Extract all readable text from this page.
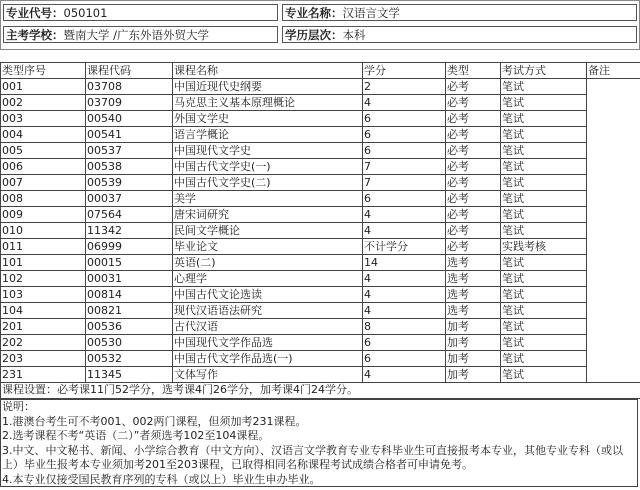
专业代号：050101	专业名称：汉语言文学
主考学校：暨南大学 /广东外语外贸大学	学历层次：本科
类型序号	课程代码	课程名称	学分	类型	考试方式	备注
001	03708	中国近现代史纲要	2	必考	笔试	
002	03709	马克思主义基本原理概论	4	必考	笔试	
003	00540	外国文学史	6	必考	笔试	
004	00541	语言学概论	6	必考	笔试	
005	00537	中国现代文学史	6	必考	笔试	
006	00538	中国古代文学史(一)	7	必考	笔试	
007	00539	中国古代文学史(二)	7	必考	笔试	
008	00037	美学	6	必考	笔试	
009	07564	唐宋词研究	4	必考	笔试	
010	11342	民间文学概论	4	必考	笔试	
011	06999	毕业论文	不计学分	必考	实践考核	
101	00015	英语(二)	14	选考	笔试	
102	00031	心理学	4	选考	笔试	
103	00814	中国古代文论选读	4	选考	笔试	
104	00821	现代汉语语法研究	4	选考	笔试	
201	00536	古代汉语	8	加考	笔试	
202	00530	中国现代文学作品选	6	加考	笔试	
203	00532	中国古代文学作品选(一)	6	加考	笔试	
231	11345	文体写作	4	加考	笔试	
课程设置：必考课11门52学分，选考课4门26学分，加考课4门24学分。
说明：
1.港澳台考生可不考001、002两门课程，但须加考231课程。
2.选考课程不考“英语（二）”者须选考102至104课程。
3.中文、中文秘书、新闻、小学综合教育（中文方向）、汉语言文学教育专业专科毕业生可直接报考本专业，其他专业专科（或以
上）毕业生报考本专业须加考201至203课程，已取得相同名称课程考试成绩合格者可申请免考。
4.本专业仅接受国民教育序列的专科（或以上）毕业生申办毕业。
